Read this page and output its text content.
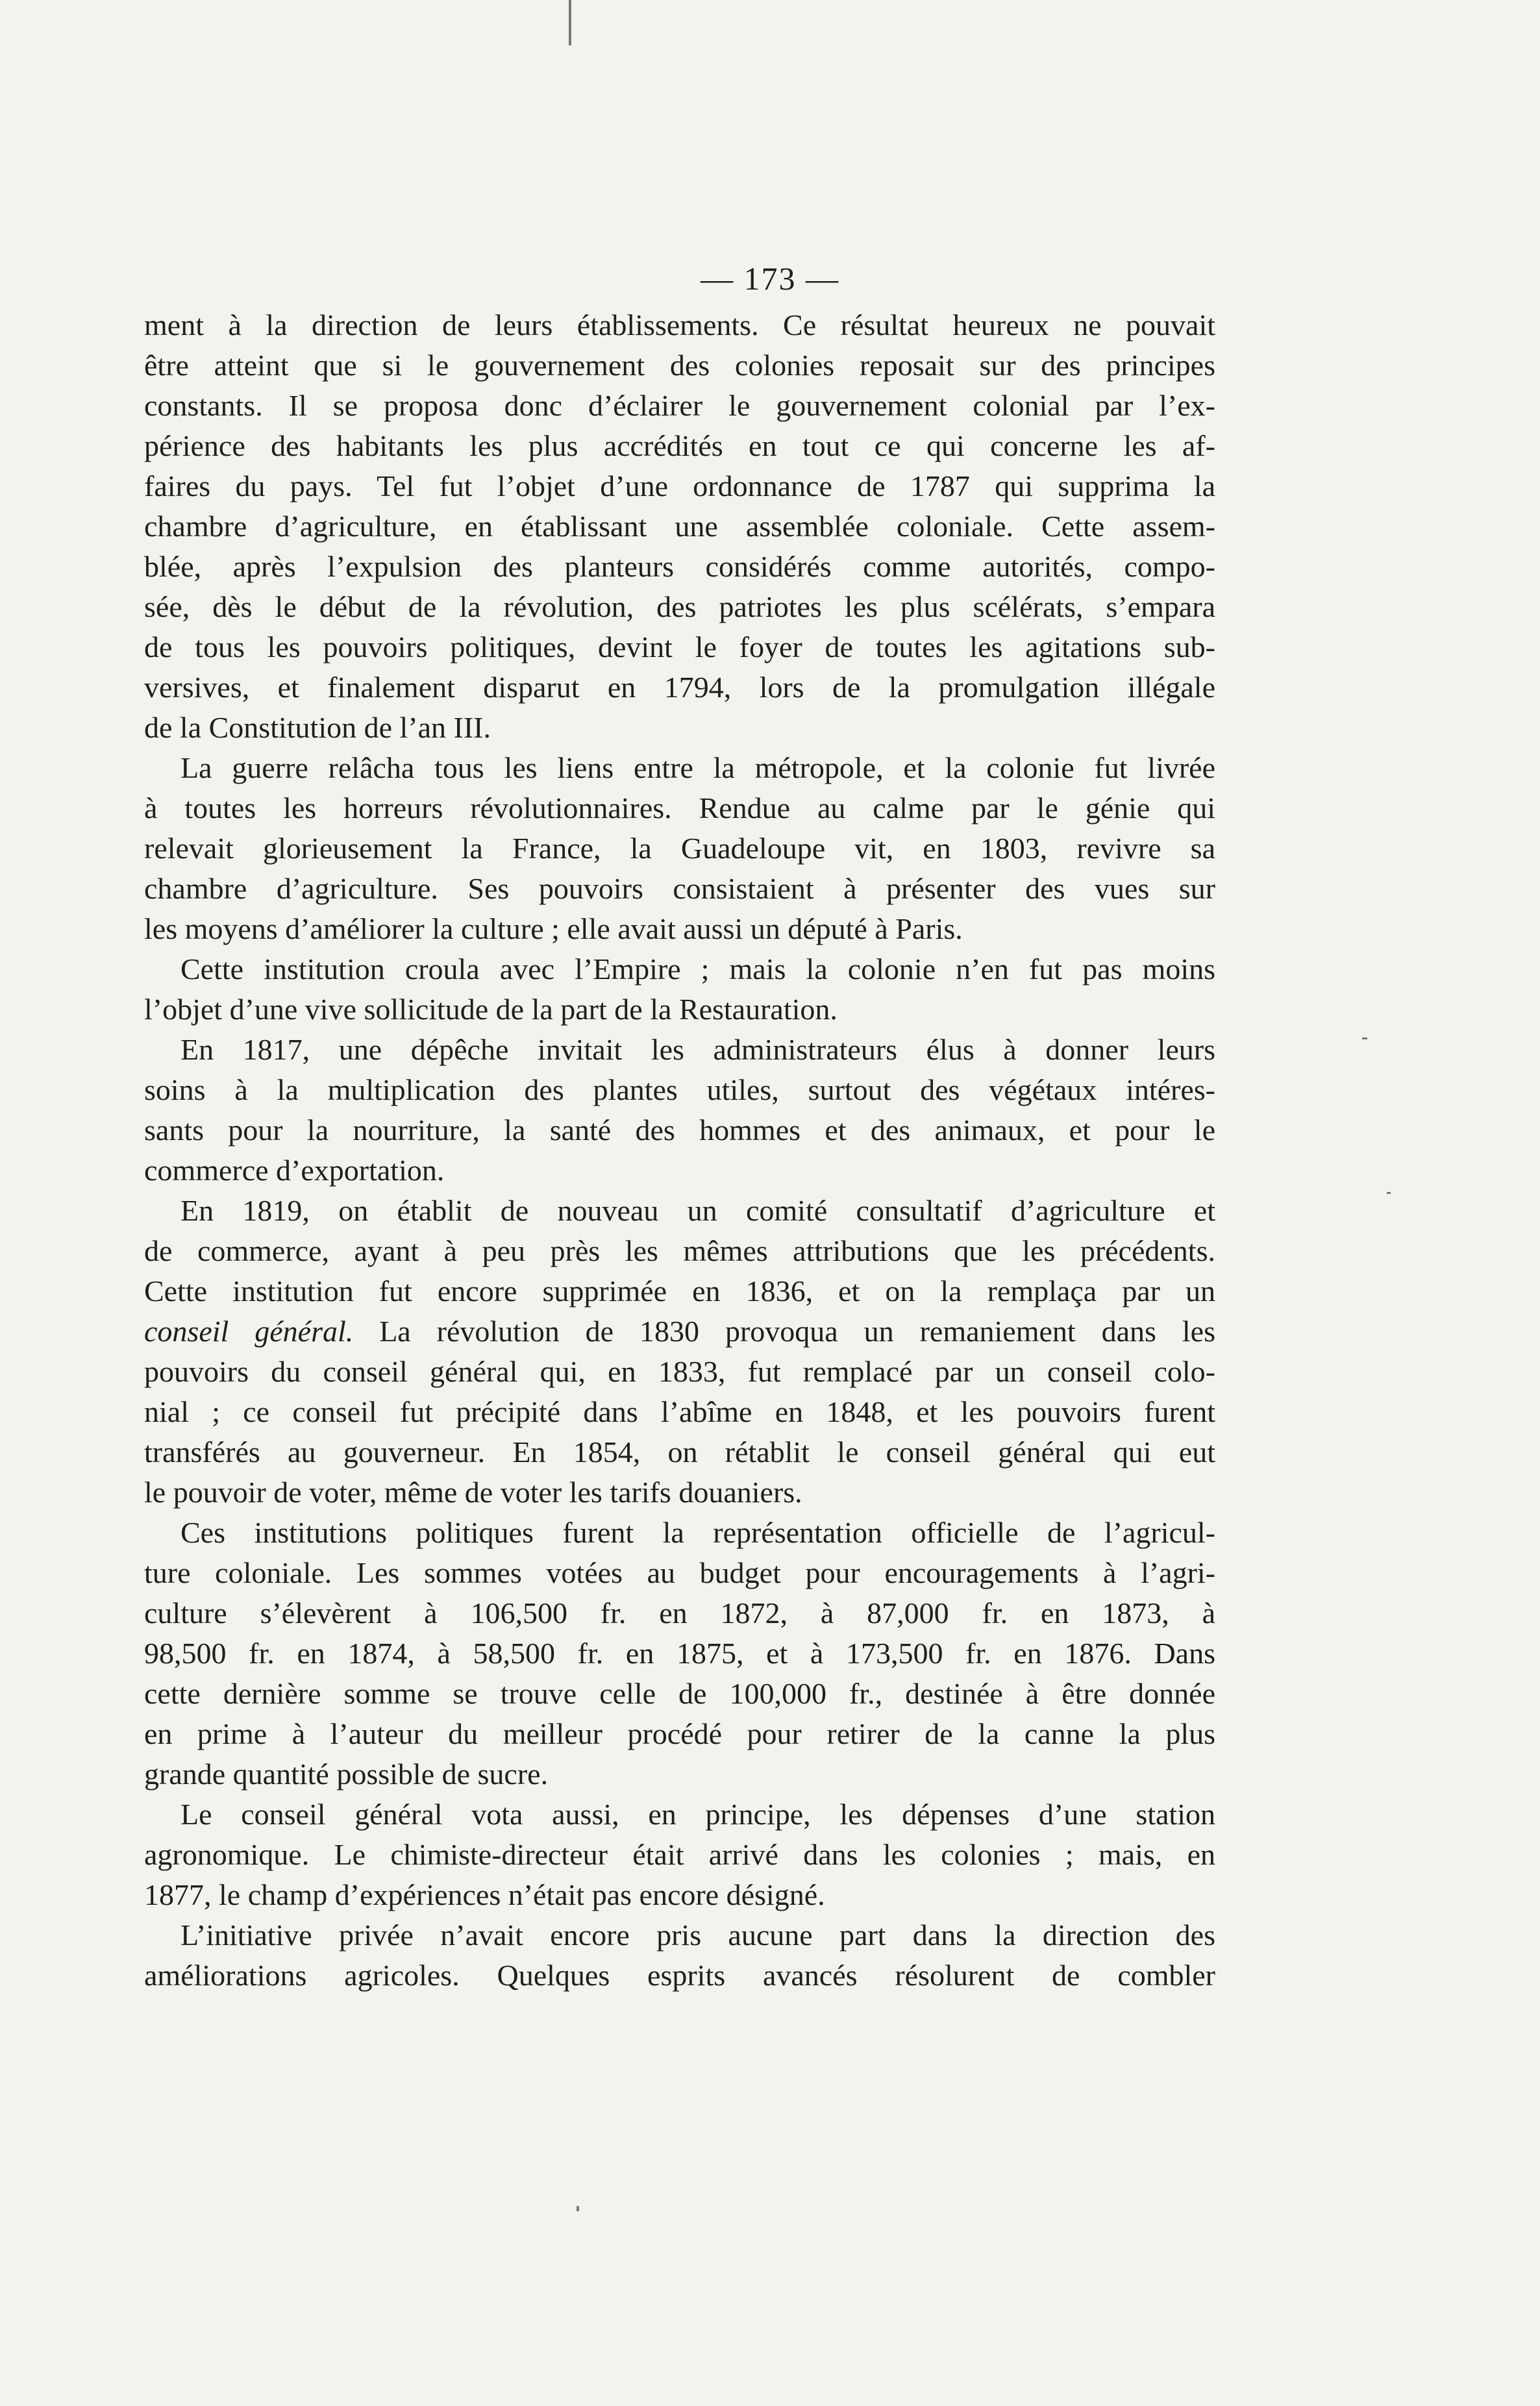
— 173 —
ment à la direction de leurs établissements. Ce résultat heureux ne pouvait
être atteint que si le gouvernement des colonies reposait sur des principes
constants. Il se proposa donc d’éclairer le gouvernement colonial par l’ex-
périence des habitants les plus accrédités en tout ce qui concerne les af-
faires du pays. Tel fut l’objet d’une ordonnance de 1787 qui supprima la
chambre d’agriculture, en établissant une assemblée coloniale. Cette assem-
blée, après l’expulsion des planteurs considérés comme autorités, compo-
sée, dès le début de la révolution, des patriotes les plus scélérats, s’empara
de tous les pouvoirs politiques, devint le foyer de toutes les agitations sub-
versives, et finalement disparut en 1794, lors de la promulgation illégale
de la Constitution de l’an III.
La guerre relâcha tous les liens entre la métropole, et la colonie fut livrée
à toutes les horreurs révolutionnaires. Rendue au calme par le génie qui
relevait glorieusement la France, la Guadeloupe vit, en 1803, revivre sa
chambre d’agriculture. Ses pouvoirs consistaient à présenter des vues sur
les moyens d’améliorer la culture ; elle avait aussi un député à Paris.
Cette institution croula avec l’Empire ; mais la colonie n’en fut pas moins
l’objet d’une vive sollicitude de la part de la Restauration.
En 1817, une dépêche invitait les administrateurs élus à donner leurs
soins à la multiplication des plantes utiles, surtout des végétaux intéres-
sants pour la nourriture, la santé des hommes et des animaux, et pour le
commerce d’exportation.
En 1819, on établit de nouveau un comité consultatif d’agriculture et
de commerce, ayant à peu près les mêmes attributions que les précédents.
Cette institution fut encore supprimée en 1836, et on la remplaça par un
conseil général. La révolution de 1830 provoqua un remaniement dans les
pouvoirs du conseil général qui, en 1833, fut remplacé par un conseil colo-
nial ; ce conseil fut précipité dans l’abîme en 1848, et les pouvoirs furent
transférés au gouverneur. En 1854, on rétablit le conseil général qui eut
le pouvoir de voter, même de voter les tarifs douaniers.
Ces institutions politiques furent la représentation officielle de l’agricul-
ture coloniale. Les sommes votées au budget pour encouragements à l’agri-
culture s’élevèrent à 106,500 fr. en 1872, à 87,000 fr. en 1873, à
98,500 fr. en 1874, à 58,500 fr. en 1875, et à 173,500 fr. en 1876. Dans
cette dernière somme se trouve celle de 100,000 fr., destinée à être donnée
en prime à l’auteur du meilleur procédé pour retirer de la canne la plus
grande quantité possible de sucre.
Le conseil général vota aussi, en principe, les dépenses d’une station
agronomique. Le chimiste-directeur était arrivé dans les colonies ; mais, en
1877, le champ d’expériences n’était pas encore désigné.
L’initiative privée n’avait encore pris aucune part dans la direction des
améliorations agricoles. Quelques esprits avancés résolurent de combler
